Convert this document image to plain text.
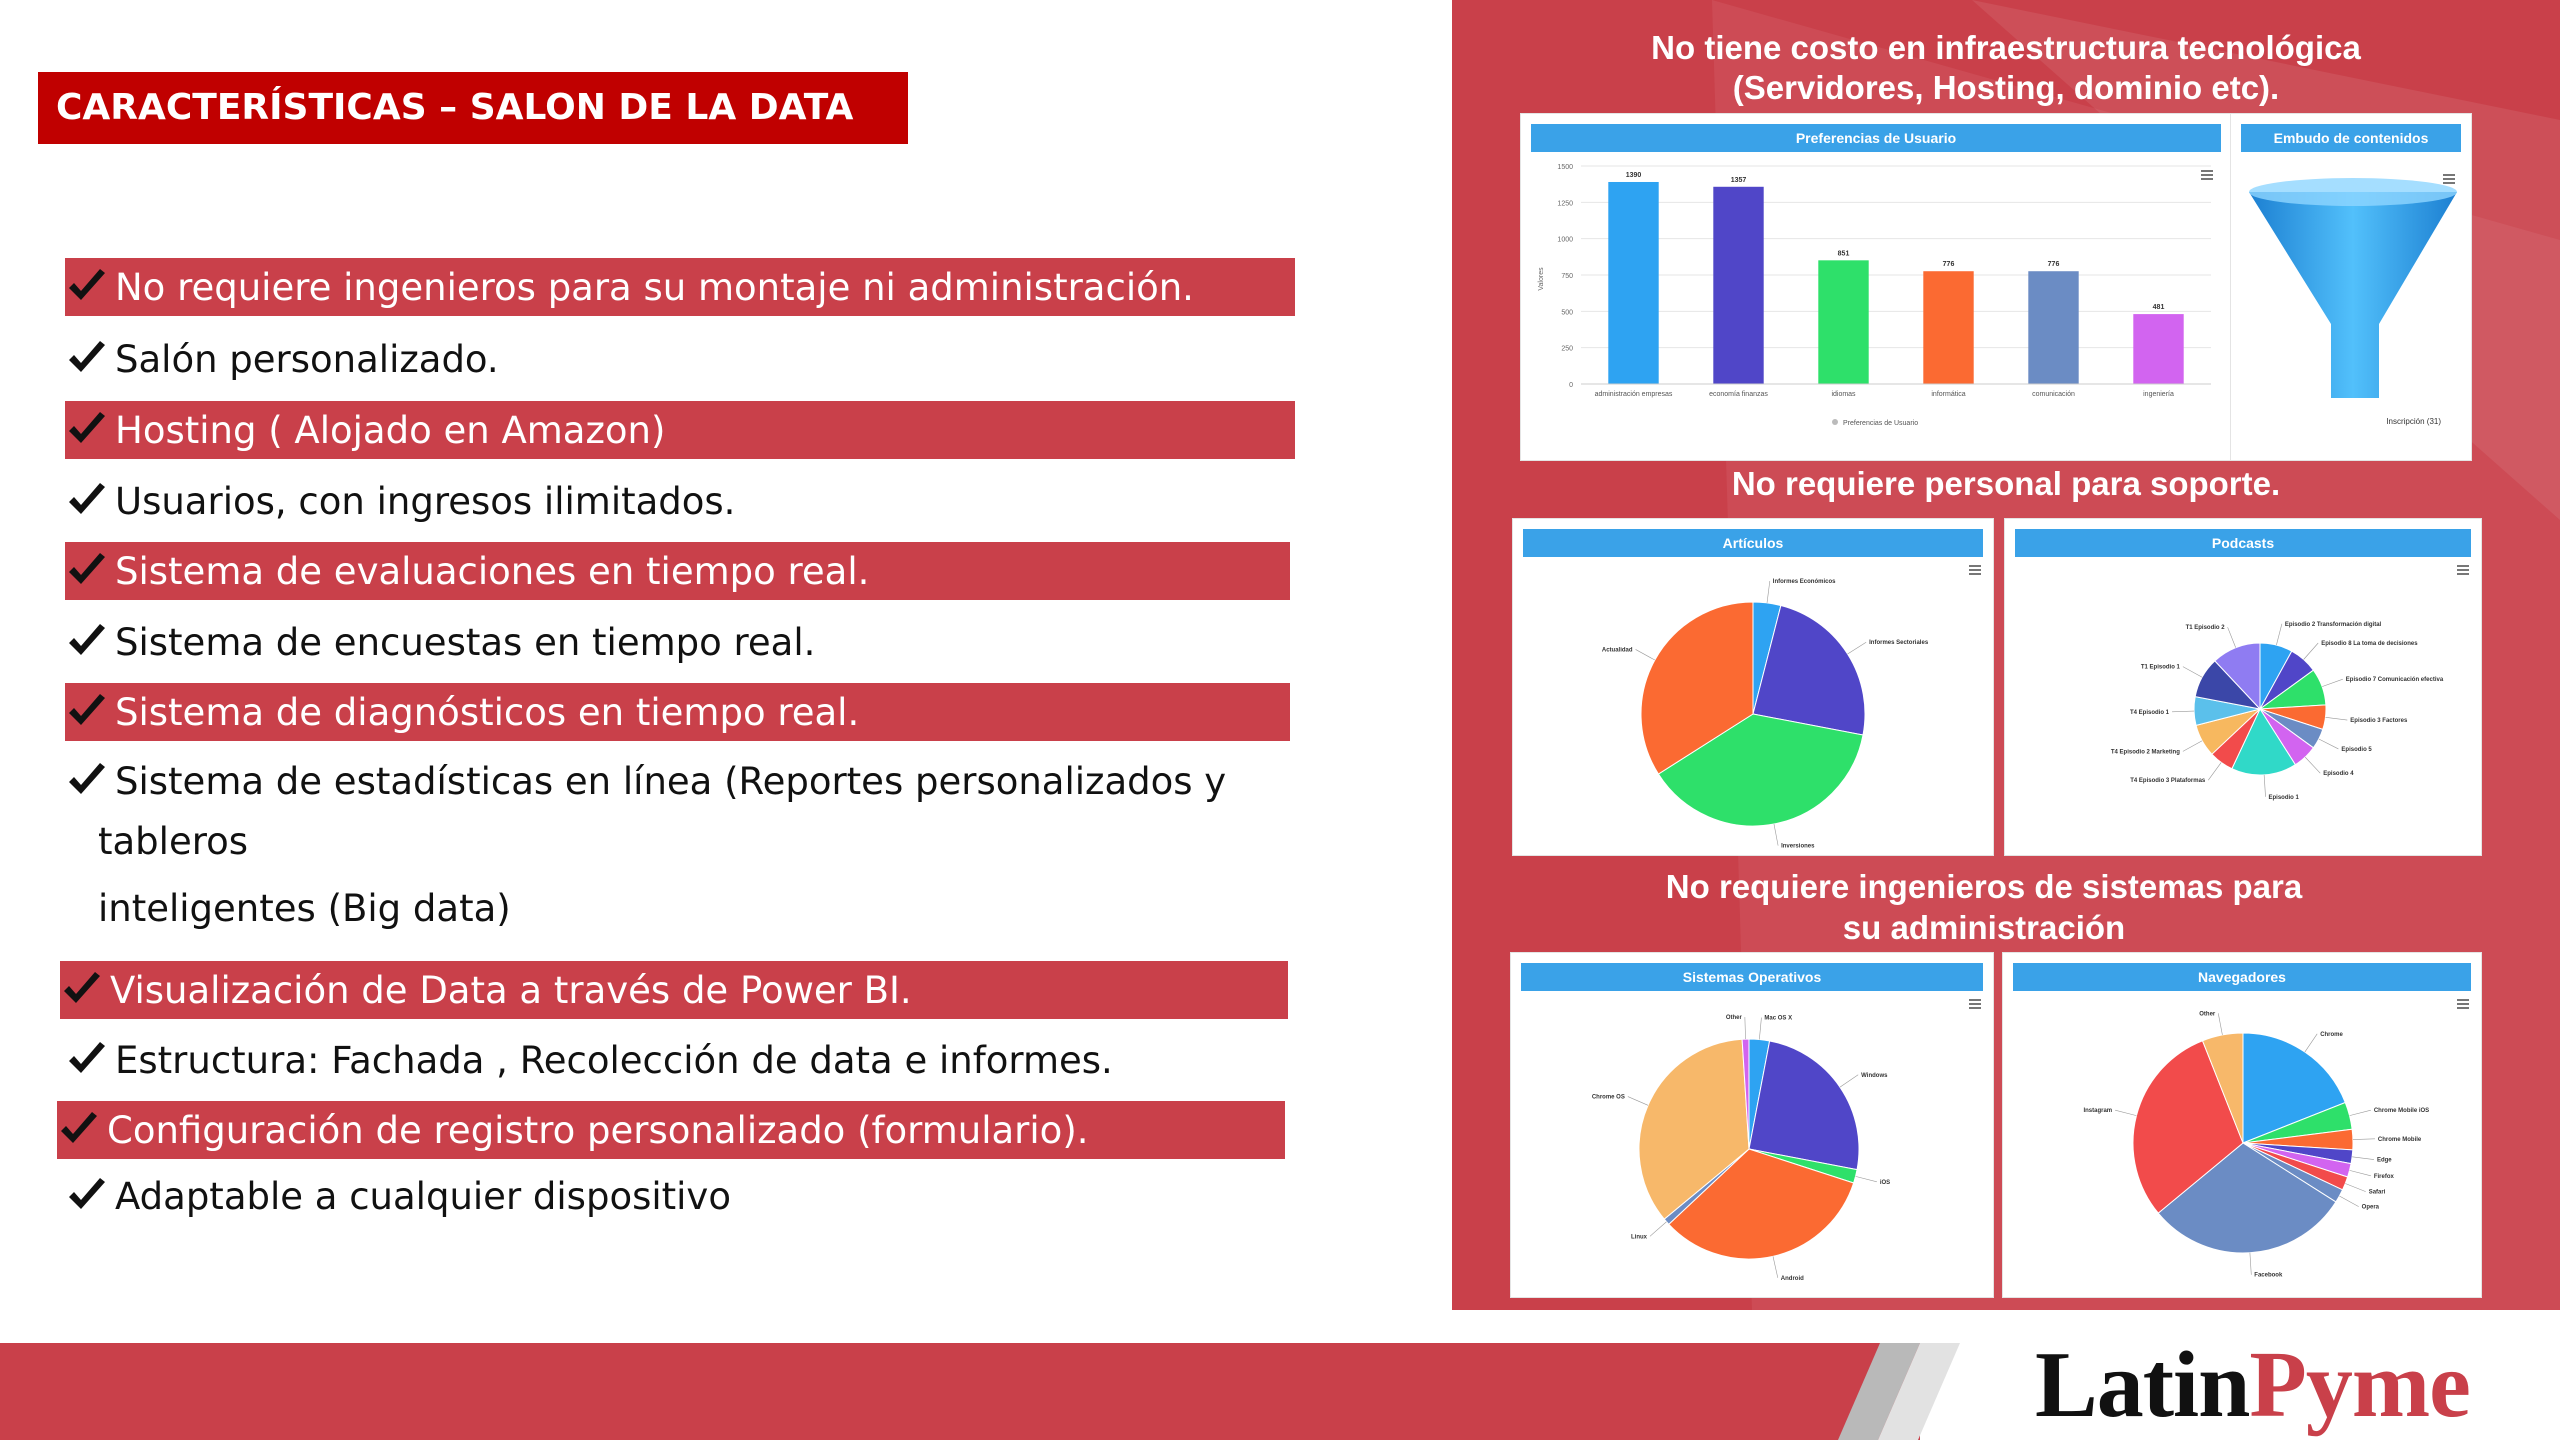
CARACTERÍSTICAS – SALON DE LA DATA
No requiere ingenieros para su montaje ni administración.
Salón personalizado.
Hosting ( Alojado en Amazon)
Usuarios, con ingresos ilimitados.
Sistema de evaluaciones en tiempo real.
Sistema de encuestas en tiempo real.
Sistema de diagnósticos en tiempo real.
Sistema de estadísticas en línea (Reportes personalizados y
Visualización de Data a través de Power BI.
Estructura: Fachada , Recolección de data e informes.
Configuración de registro personalizado (formulario).
Adaptable a cualquier dispositivo
tableros
inteligentes (Big data)
No tiene costo en infraestructura tecnológica
(Servidores, Hosting, dominio etc).
No requiere personal para soporte.
No requiere ingenieros de sistemas para
su administración
Preferencias de Usuario
0
250
500
750
1000
1250
1500
Valores
1390
administración empresas
1357
economía finanzas
851
idiomas
776
informática
776
comunicación
481
ingeniería
Preferencias de Usuario
Embudo de contenidos
Inscripción (31)
Artículos
Informes Económicos
Informes Sectoriales
Inversiones
Actualidad
Podcasts
Episodio 2 Transformación digital
Episodio 8 La toma de decisiones
Episodio 7 Comunicación efectiva
Episodio 3 Factores
Episodio 5
Episodio 4
Episodio 1
T4 Episodio 3 Plataformas
T4 Episodio 2 Marketing
T4 Episodio 1
T1 Episodio 1
T1 Episodio 2
Sistemas Operativos
Mac OS X
Windows
iOS
Android
Linux
Chrome OS
Other
Navegadores
Chrome
Chrome Mobile iOS
Chrome Mobile
Edge
Firefox
Safari
Opera
Facebook
Instagram
Other
LatinPyme
